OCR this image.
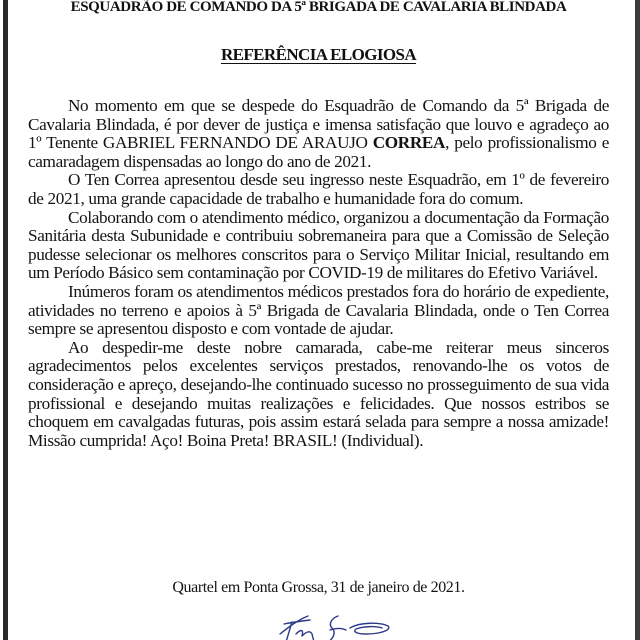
ESQUADRÃO DE COMANDO DA 5ª BRIGADA DE CAVALARIA BLINDADA
REFERÊNCIA ELOGIOSA

No momento em que se despede do Esquadrão de Comando da 5ª Brigada de Cavalaria Blindada, é por dever de justiça e imensa satisfação que louvo e agradeço ao 1º Tenente GABRIEL FERNANDO DE ARAUJO CORREA, pelo profissionalismo e camaradagem dispensadas ao longo do ano de 2021.

O Ten Correa apresentou desde seu ingresso neste Esquadrão, em 1º de fevereiro de 2021, uma grande capacidade de trabalho e humanidade fora do comum.

Colaborando com o atendimento médico, organizou a documentação da Formação Sanitária desta Subunidade e contribuiu sobremaneira para que a Comissão de Seleção pudesse selecionar os melhores conscritos para o Serviço Militar Inicial, resultando em um Período Básico sem contaminação por COVID-19 de militares do Efetivo Variável.

Inúmeros foram os atendimentos médicos prestados fora do horário de expediente, atividades no terreno e apoios à 5ª Brigada de Cavalaria Blindada, onde o Ten Correa sempre se apresentou disposto e com vontade de ajudar.

Ao despedir-me deste nobre camarada, cabe-me reiterar meus sinceros agradecimentos pelos excelentes serviços prestados, renovando-lhe os votos de consideração e apreço, desejando-lhe continuado sucesso no prosseguimento de sua vida profissional e desejando muitas realizações e felicidades. Que nossos estribos se choquem em cavalgadas futuras, pois assim estará selada para sempre a nossa amizade! Missão cumprida! Aço! Boina Preta! BRASIL! (Individual).

Quartel em Ponta Grossa, 31 de janeiro de 2021.
